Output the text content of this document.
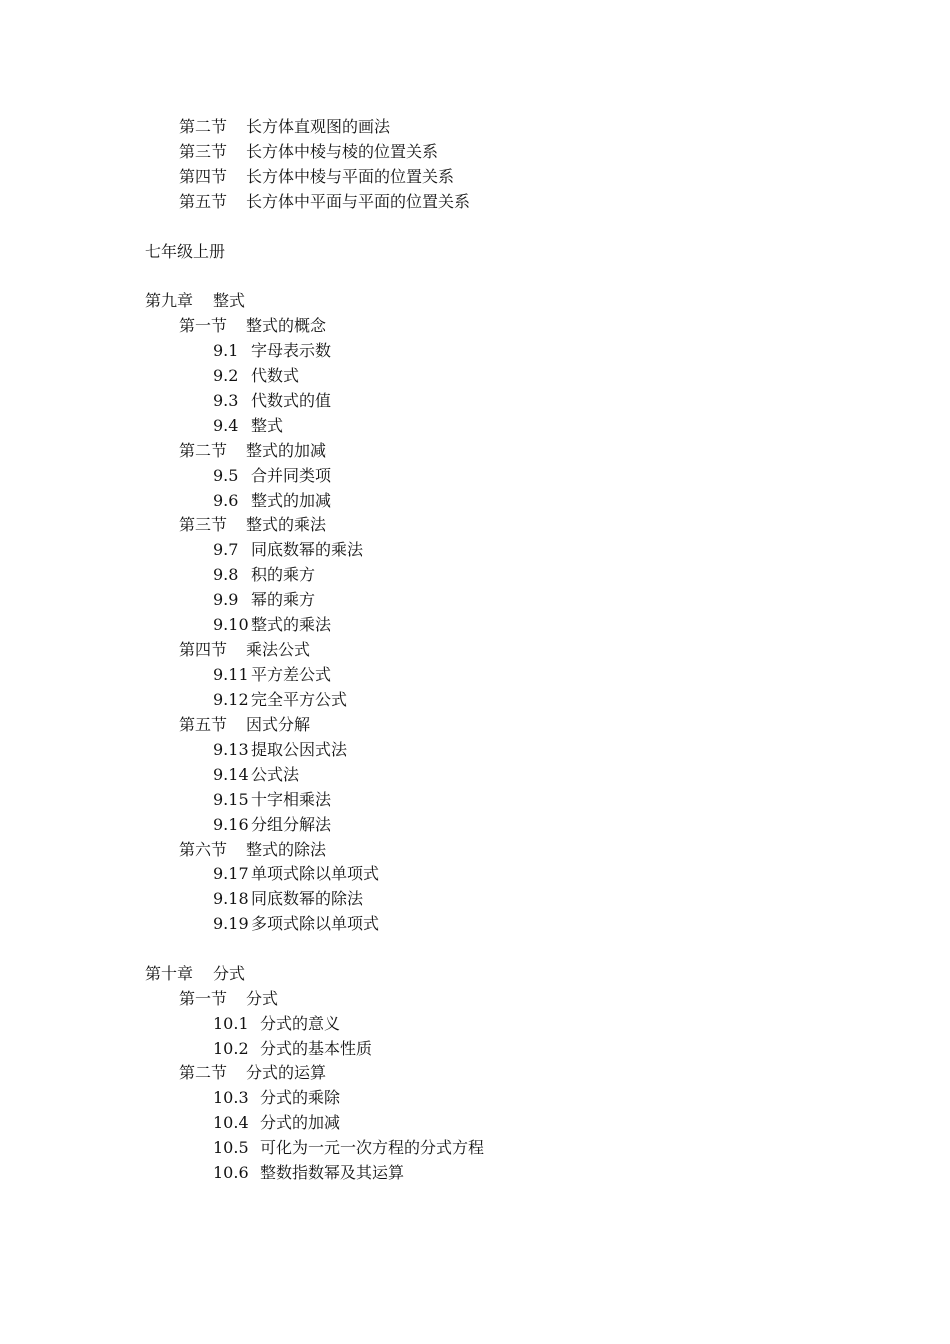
第二节 长方体直观图的画法
第三节 长方体中棱与棱的位置关系
第四节 长方体中棱与平面的位置关系
第五节 长方体中平面与平面的位置关系
七年级上册
第九章 整式
第一节 整式的概念
9.1 字母表示数
9.2 代数式
9.3 代数式的值
9.4 整式
第二节 整式的加减
9.5 合并同类项
9.6 整式的加减
第三节 整式的乘法
9.7 同底数幂的乘法
9.8 积的乘方
9.9 幂的乘方
9.10 整式的乘法
第四节 乘法公式
9.11 平方差公式
9.12 完全平方公式
第五节 因式分解
9.13 提取公因式法
9.14 公式法
9.15 十字相乘法
9.16 分组分解法
第六节 整式的除法
9.17 单项式除以单项式
9.18 同底数幂的除法
9.19 多项式除以单项式
第十章 分式
第一节 分式
10.1 分式的意义
10.2 分式的基本性质
第二节 分式的运算
10.3 分式的乘除
10.4 分式的加减
10.5 可化为一元一次方程的分式方程
10.6 整数指数幂及其运算
